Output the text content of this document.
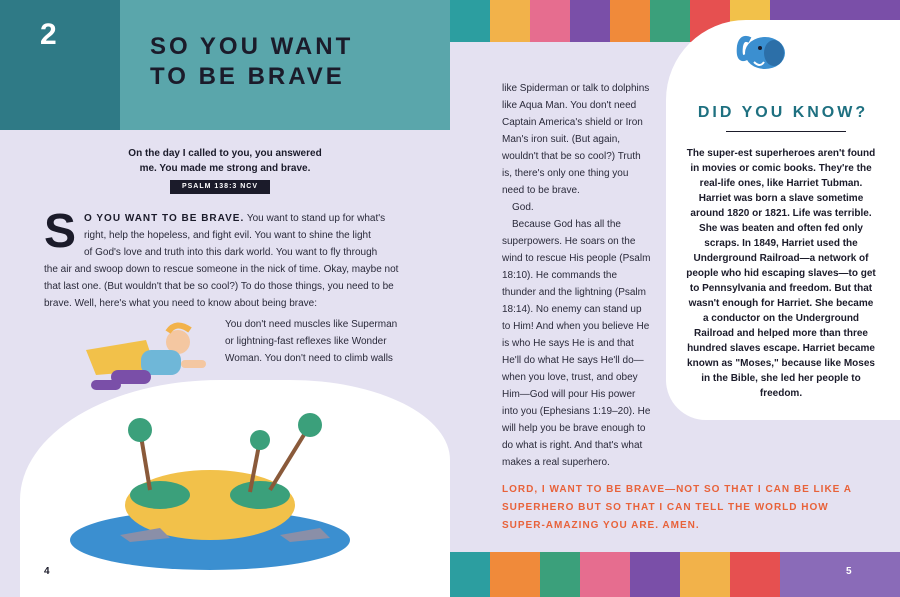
2	SO YOU WANT
TO BE BRAVE
On the day I called to you, you answered
me. You made me strong and brave.
PSALM 138:3 NCV
S O YOU WANT TO BE BRAVE. You want to stand up for what's
right, help the hopeless, and fight evil. You want to shine the light
of God's love and truth into this dark world. You want to fly through
the air and swoop down to rescue someone in the nick of time. Okay, maybe not that last one. (But wouldn't that be so cool?) To do those things, you need to be brave. Well, here's what you need to know about being brave:
You don't need muscles like Superman or lightning-fast reflexes like Wonder Woman. You don't need to climb walls
4

like Spiderman or talk to dolphins like Aqua Man. You don't need Captain America's shield or Iron Man's iron suit. (But again, wouldn't that be so cool?) Truth is, there's only one thing you need to be brave.

God.

Because God has all the superpowers. He soars on the wind to rescue His people (Psalm 18:10). He commands the thunder and the lightning (Psalm 18:14). No enemy can stand up to Him! And when you believe He is who He says He is and that He'll do what He says He'll do—when you love, trust, and obey Him—God will pour His power into you (Ephesians 1:19–20). He will help you be brave enough to do what is right. And that's what makes a real superhero.

DID YOU KNOW?
The super-est superheroes aren't found in movies or comic books. They're the real-life ones, like Harriet Tubman. Harriet was born a slave sometime around 1820 or 1821. Life was terrible. She was beaten and often fed only scraps. In 1849, Harriet used the Underground Railroad—a network of people who hid escaping slaves—to get to Pennsylvania and freedom. But that wasn't enough for Harriet. She became a conductor on the Underground Railroad and helped more than three hundred slaves escape. Harriet became known as "Moses," because like Moses in the Bible, she led her people to freedom.
LORD, I WANT TO BE BRAVE—NOT SO THAT I CAN BE LIKE A SUPERHERO BUT SO THAT I CAN TELL THE WORLD HOW SUPER-AMAZING YOU ARE. AMEN.
5
